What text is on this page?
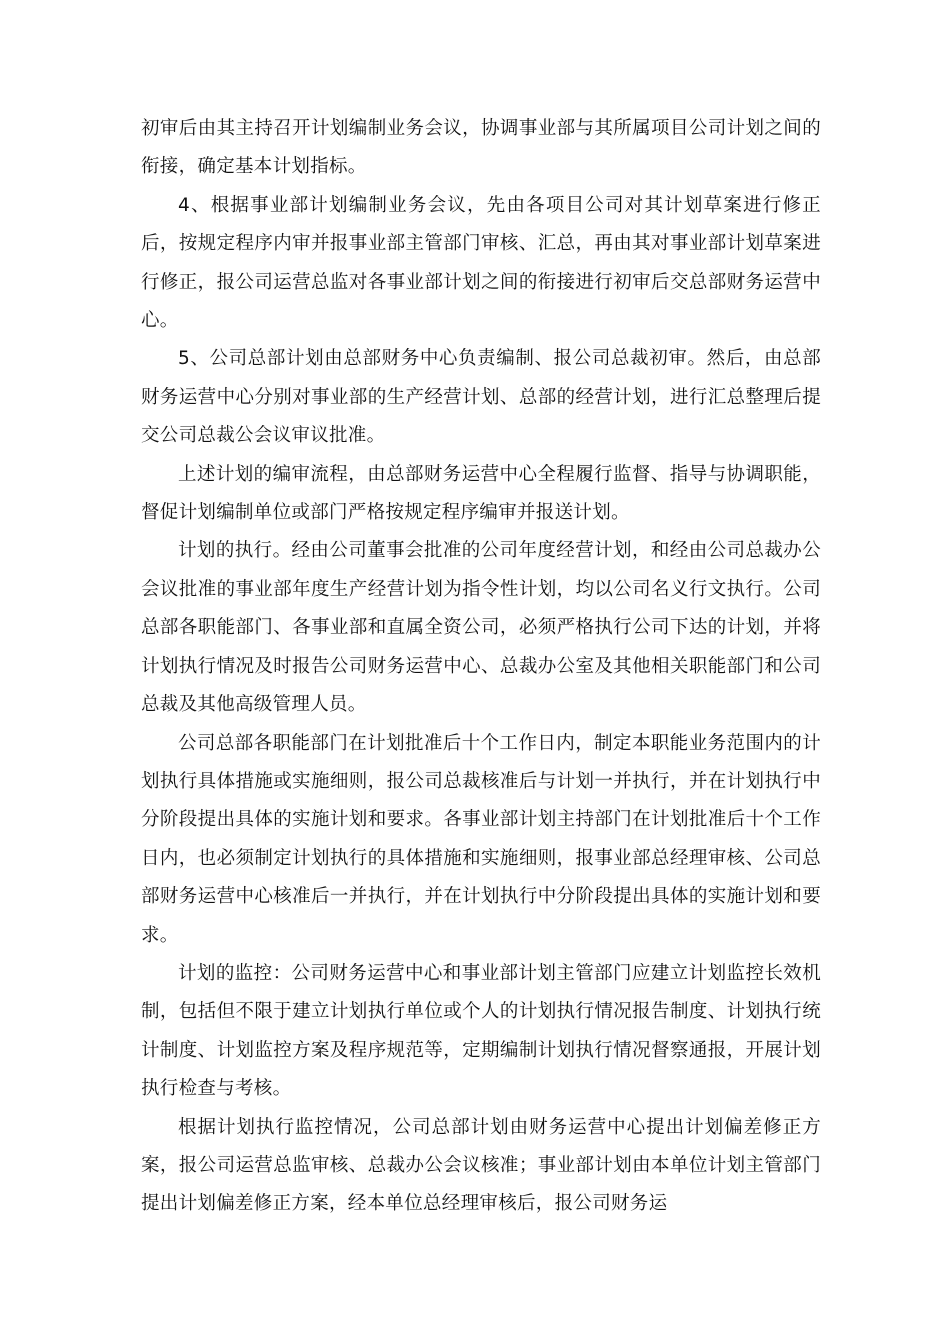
初审后由其主持召开计划编制业务会议，协调事业部与其所属项目公司计划之间的衔接，确定基本计划指标。

4、根据事业部计划编制业务会议，先由各项目公司对其计划草案进行修正后，按规定程序内审并报事业部主管部门审核、汇总，再由其对事业部计划草案进行修正，报公司运营总监对各事业部计划之间的衔接进行初审后交总部财务运营中心。

5、公司总部计划由总部财务中心负责编制、报公司总裁初审。然后，由总部财务运营中心分别对事业部的生产经营计划、总部的经营计划，进行汇总整理后提交公司总裁公会议审议批准。

上述计划的编审流程，由总部财务运营中心全程履行监督、指导与协调职能，督促计划编制单位或部门严格按规定程序编审并报送计划。

计划的执行。经由公司董事会批准的公司年度经营计划，和经由公司总裁办公会议批准的事业部年度生产经营计划为指令性计划，均以公司名义行文执行。公司总部各职能部门、各事业部和直属全资公司，必须严格执行公司下达的计划，并将计划执行情况及时报告公司财务运营中心、总裁办公室及其他相关职能部门和公司总裁及其他高级管理人员。

公司总部各职能部门在计划批准后十个工作日内，制定本职能业务范围内的计划执行具体措施或实施细则，报公司总裁核准后与计划一并执行，并在计划执行中分阶段提出具体的实施计划和要求。各事业部计划主持部门在计划批准后十个工作日内，也必须制定计划执行的具体措施和实施细则，报事业部总经理审核、公司总部财务运营中心核准后一并执行，并在计划执行中分阶段提出具体的实施计划和要求。

计划的监控：公司财务运营中心和事业部计划主管部门应建立计划监控长效机制，包括但不限于建立计划执行单位或个人的计划执行情况报告制度、计划执行统计制度、计划监控方案及程序规范等，定期编制计划执行情况督察通报，开展计划执行检查与考核。

根据计划执行监控情况，公司总部计划由财务运营中心提出计划偏差修正方案，报公司运营总监审核、总裁办公会议核准；事业部计划由本单位计划主管部门提出计划偏差修正方案，经本单位总经理审核后，报公司财务运
